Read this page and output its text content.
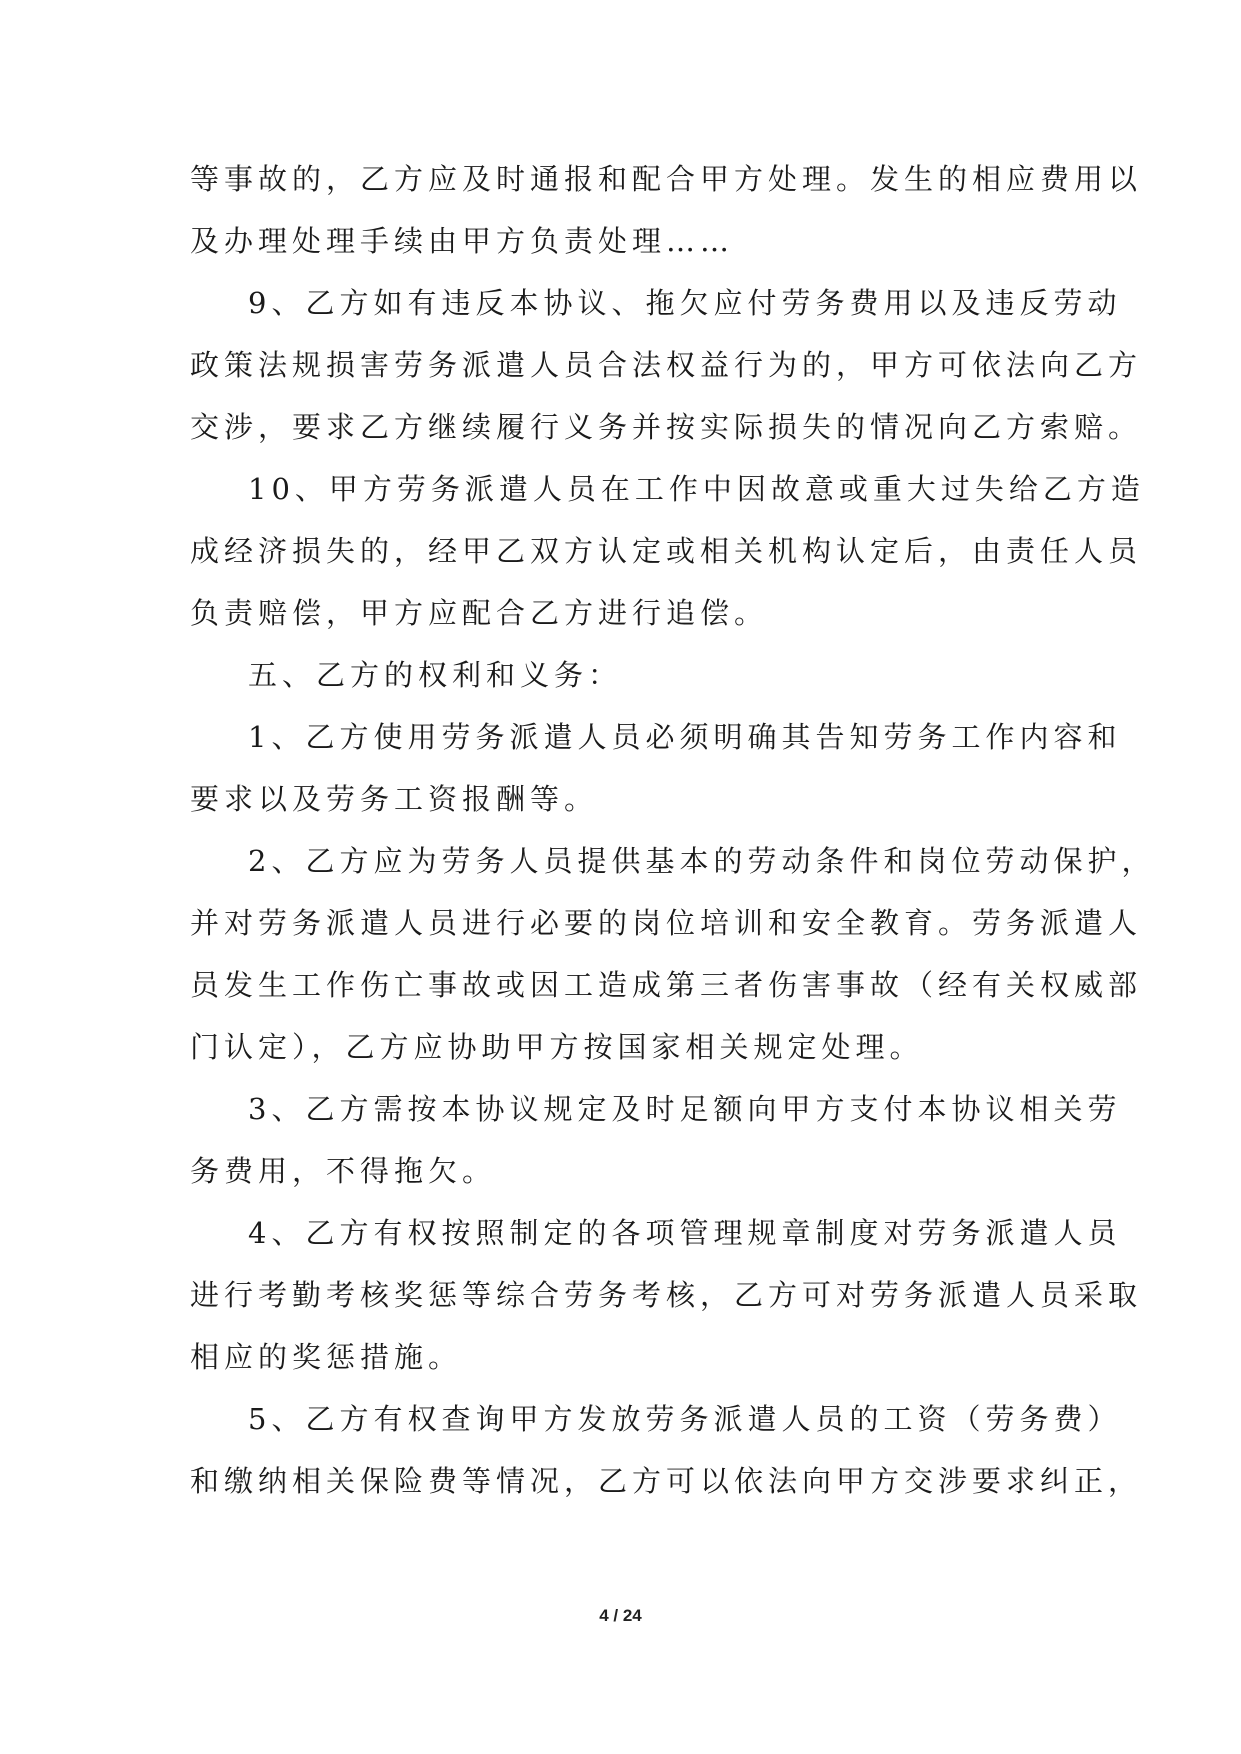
等事故的，乙方应及时通报和配合甲方处理。发生的相应费用以
及办理处理手续由甲方负责处理……
9、乙方如有违反本协议、拖欠应付劳务费用以及违反劳动
政策法规损害劳务派遣人员合法权益行为的，甲方可依法向乙方
交涉，要求乙方继续履行义务并按实际损失的情况向乙方索赔。
10、甲方劳务派遣人员在工作中因故意或重大过失给乙方造
成经济损失的，经甲乙双方认定或相关机构认定后，由责任人员
负责赔偿，甲方应配合乙方进行追偿。
五、乙方的权利和义务：
1、乙方使用劳务派遣人员必须明确其告知劳务工作内容和
要求以及劳务工资报酬等。
2、乙方应为劳务人员提供基本的劳动条件和岗位劳动保护，
并对劳务派遣人员进行必要的岗位培训和安全教育。劳务派遣人
员发生工作伤亡事故或因工造成第三者伤害事故（经有关权威部
门认定），乙方应协助甲方按国家相关规定处理。
3、乙方需按本协议规定及时足额向甲方支付本协议相关劳
务费用，不得拖欠。
4、乙方有权按照制定的各项管理规章制度对劳务派遣人员
进行考勤考核奖惩等综合劳务考核，乙方可对劳务派遣人员采取
相应的奖惩措施。
5、乙方有权查询甲方发放劳务派遣人员的工资（劳务费）
和缴纳相关保险费等情况，乙方可以依法向甲方交涉要求纠正，
4 / 24
